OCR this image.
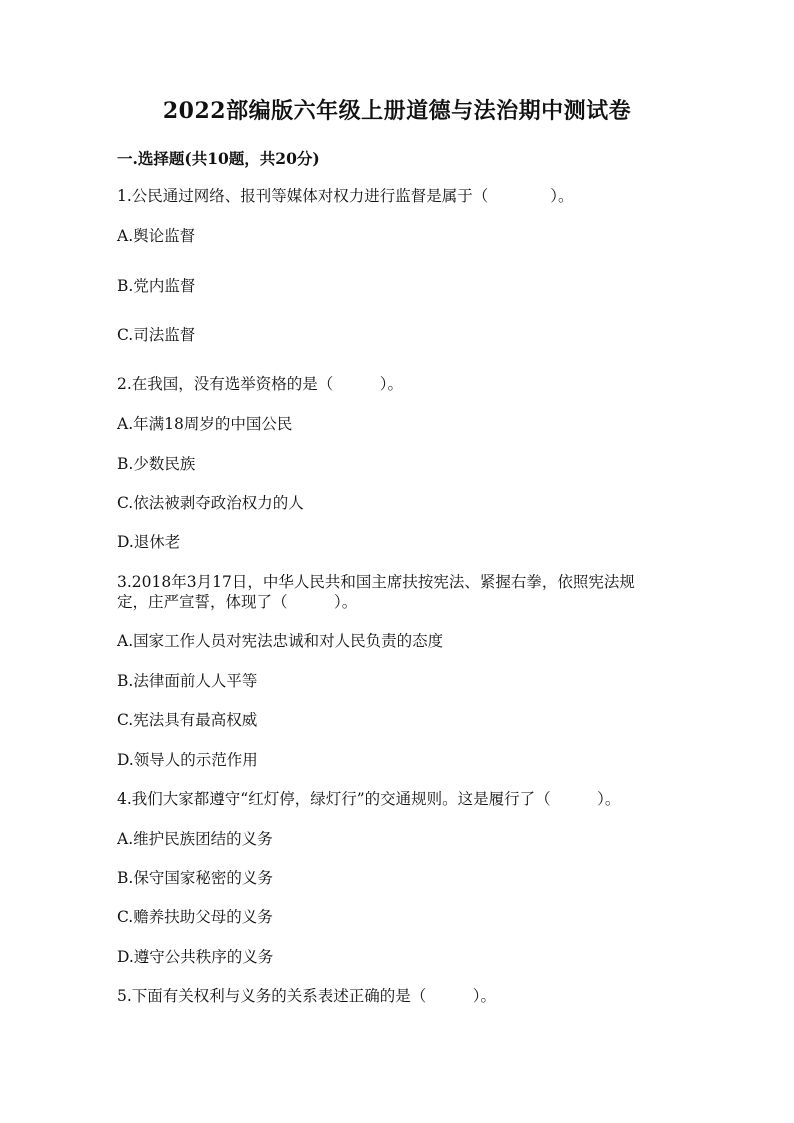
2022部编版六年级上册道德与法治期中测试卷
一.选择题(共10题，共20分)
1.公民通过网络、报刊等媒体对权力进行监督是属于（　　　　）。
A.舆论监督
B.党内监督
C.司法监督
2.在我国，没有选举资格的是（　　　）。
A.年满18周岁的中国公民
B.少数民族
C.依法被剥夺政治权力的人
D.退休老
3.2018年3月17日，中华人民共和国主席扶按宪法、紧握右拳，依照宪法规
定，庄严宣誓，体现了（　　　）。
A.国家工作人员对宪法忠诚和对人民负责的态度
B.法律面前人人平等
C.宪法具有最高权威
D.领导人的示范作用
4.我们大家都遵守“红灯停，绿灯行”的交通规则。这是履行了（　　　）。
A.维护民族团结的义务
B.保守国家秘密的义务
C.赡养扶助父母的义务
D.遵守公共秩序的义务
5.下面有关权利与义务的关系表述正确的是（　　　）。
